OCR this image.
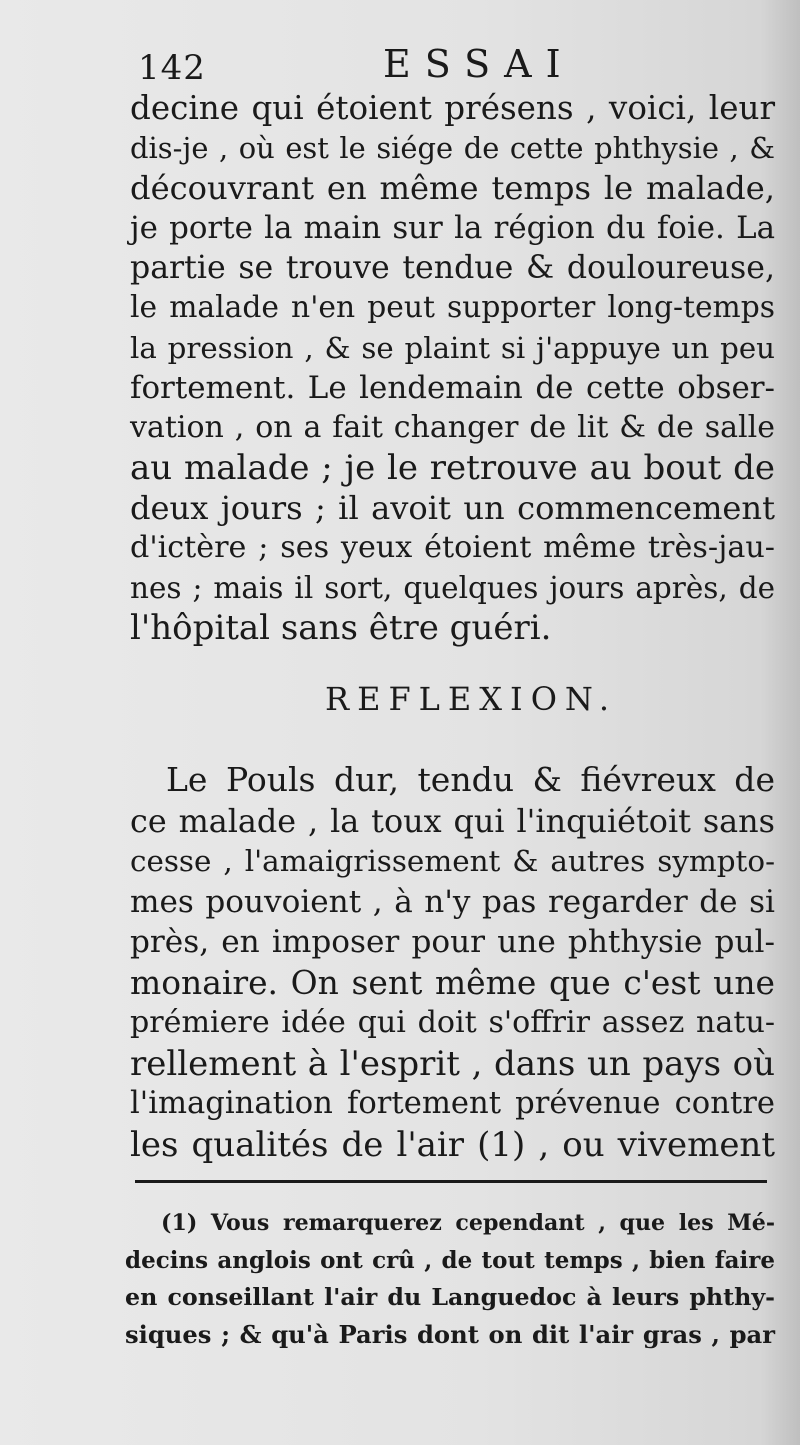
142	ESSAI
decine qui étoient présens , voici, leur
dis-je , où est le siége de cette phthysie , &
découvrant en même temps le malade,
je porte la main sur la région du foie. La
partie se trouve tendue & douloureuse,
le malade n'en peut supporter long-temps
la pression , & se plaint si j'appuye un peu
fortement. Le lendemain de cette obser-
vation , on a fait changer de lit & de salle
au malade ; je le retrouve au bout de
deux jours ; il avoit un commencement
d'ictère ; ses yeux étoient même très-jau-
nes ; mais il sort, quelques jours après, de
l'hôpital sans être guéri.
REFLEXION.
Le Pouls dur, tendu & fiévreux de
ce malade , la toux qui l'inquiétoit sans
cesse , l'amaigrissement & autres sympto-
mes pouvoient , à n'y pas regarder de si
près, en imposer pour une phthysie pul-
monaire. On sent même que c'est une
prémiere idée qui doit s'offrir assez natu-
rellement à l'esprit , dans un pays où
l'imagination fortement prévenue contre
les qualités de l'air (1) , ou vivement
(1) Vous remarquerez cependant , que les Mé-
decins anglois ont crû , de tout temps , bien faire
en conseillant l'air du Languedoc à leurs phthy-
siques ; & qu'à Paris dont on dit l'air gras , par
